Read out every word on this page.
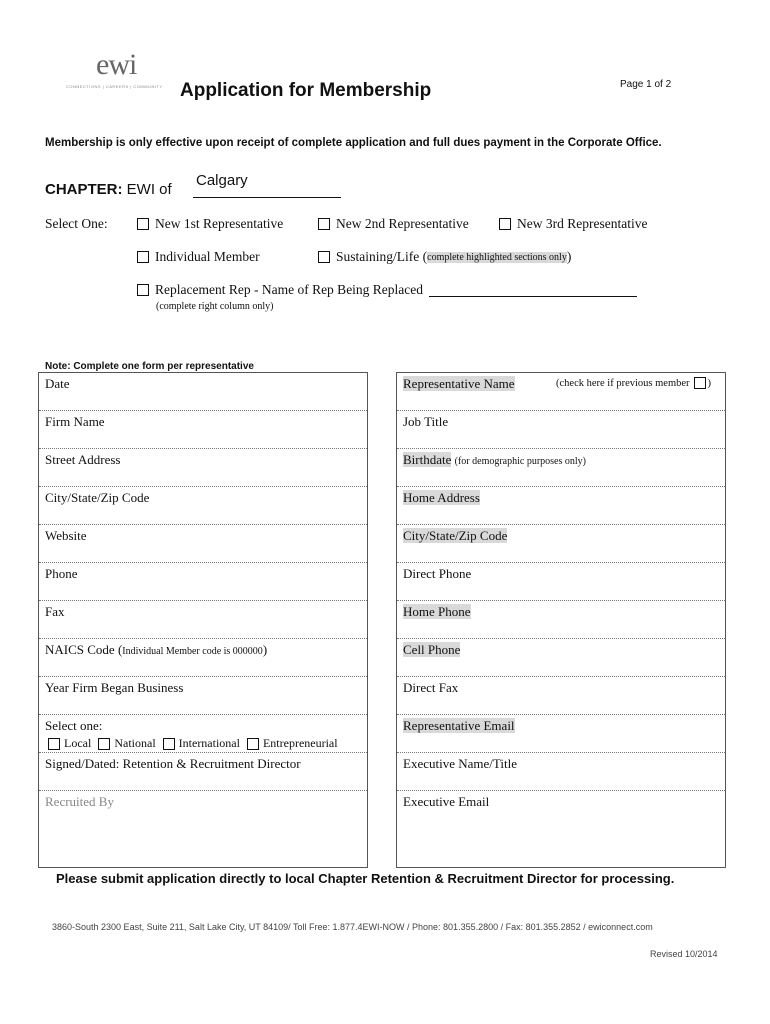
ewi
CONNECTIONS | CAREERS | COMMUNITY Application for Membership	Page 1 of 2
Membership is only effective upon receipt of complete application and full dues payment in the Corporate Office.
CHAPTER: EWI of
Calgary
Select One:	New 1st Representative	New 2nd Representative	New 3rd Representative
Individual Member	Sustaining/Life ( complete highlighted sections only )
Replacement Rep - Name of Rep Being Replaced
(complete right column only)
Note: Complete one form per representative
Date
Firm Name
Street Address
City/State/Zip Code
Website
Phone
Fax
NAICS Code (Individual Member code is 000000)
Year Firm Began Business
Select one:
Local National International Entrepreneurial
Signed/Dated: Retention & Recruitment Director
Recruited By
Representative Name	(check here if previous member )
Job Title
Birthdate (for demographic purposes only)
Home Address
City/State/Zip Code
Direct Phone
Home Phone
Cell Phone
Direct Fax
Representative Email
Executive Name/Title
Executive Email
Please submit application directly to local Chapter Retention & Recruitment Director for processing.
3860-South 2300 East, Suite 211, Salt Lake City, UT 84109/ Toll Free: 1.877.4EWI-NOW / Phone: 801.355.2800 / Fax: 801.355.2852 / ewiconnect.com
Revised 10/2014
